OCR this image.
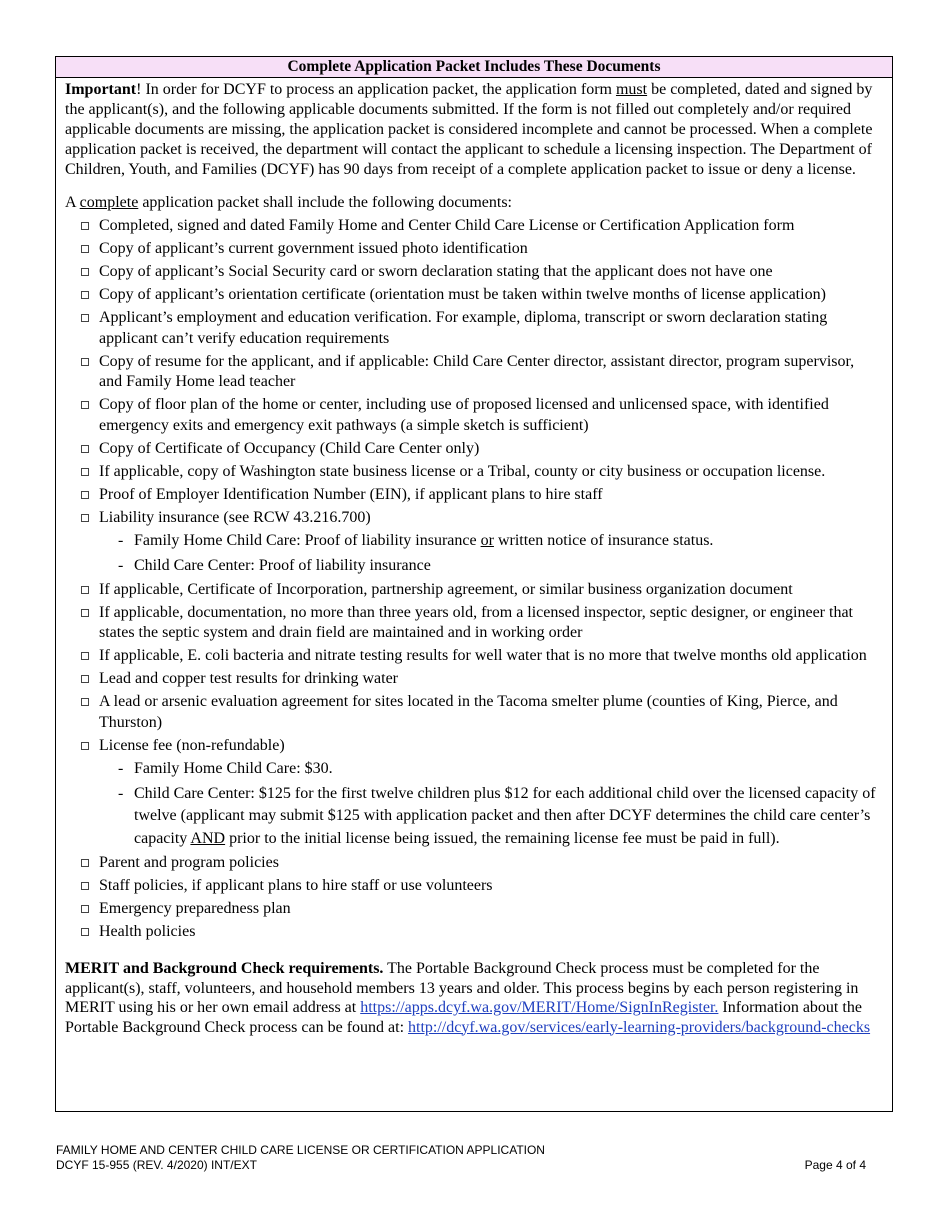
Complete Application Packet Includes These Documents

Important! In order for DCYF to process an application packet, the application form must be completed, dated and signed by the applicant(s), and the following applicable documents submitted. If the form is not filled out completely and/or required applicable documents are missing, the application packet is considered incomplete and cannot be processed. When a complete application packet is received, the department will contact the applicant to schedule a licensing inspection. The Department of Children, Youth, and Families (DCYF) has 90 days from receipt of a complete application packet to issue or deny a license.

A complete application packet shall include the following documents:

Completed, signed and dated Family Home and Center Child Care License or Certification Application form
Copy of applicant’s current government issued photo identification
Copy of applicant’s Social Security card or sworn declaration stating that the applicant does not have one
Copy of applicant’s orientation certificate (orientation must be taken within twelve months of license application)
Applicant’s employment and education verification. For example, diploma, transcript or sworn declaration stating applicant can’t verify education requirements
Copy of resume for the applicant, and if applicable: Child Care Center director, assistant director, program supervisor, and Family Home lead teacher
Copy of floor plan of the home or center, including use of proposed licensed and unlicensed space, with identified emergency exits and emergency exit pathways (a simple sketch is sufficient)
Copy of Certificate of Occupancy (Child Care Center only)
If applicable, copy of Washington state business license or a Tribal, county or city business or occupation license.
Proof of Employer Identification Number (EIN), if applicant plans to hire staff
Liability insurance (see RCW 43.216.700)
- Family Home Child Care: Proof of liability insurance or written notice of insurance status.
- Child Care Center: Proof of liability insurance
If applicable, Certificate of Incorporation, partnership agreement, or similar business organization document
If applicable, documentation, no more than three years old, from a licensed inspector, septic designer, or engineer that states the septic system and drain field are maintained and in working order
If applicable, E. coli bacteria and nitrate testing results for well water that is no more that twelve months old application
Lead and copper test results for drinking water
A lead or arsenic evaluation agreement for sites located in the Tacoma smelter plume (counties of King, Pierce, and Thurston)
License fee (non-refundable)
- Family Home Child Care: $30.
- Child Care Center: $125 for the first twelve children plus $12 for each additional child over the licensed capacity of twelve (applicant may submit $125 with application packet and then after DCYF determines the child care center’s capacity AND prior to the initial license being issued, the remaining license fee must be paid in full).
Parent and program policies
Staff policies, if applicant plans to hire staff or use volunteers
Emergency preparedness plan
Health policies

MERIT and Background Check requirements. The Portable Background Check process must be completed for the applicant(s), staff, volunteers, and household members 13 years and older. This process begins by each person registering in MERIT using his or her own email address at https://apps.dcyf.wa.gov/MERIT/Home/SignInRegister. Information about the Portable Background Check process can be found at: http://dcyf.wa.gov/services/early-learning-providers/background-checks

FAMILY HOME AND CENTER CHILD CARE LICENSE OR CERTIFICATION APPLICATION
DCYF 15-955 (REV. 4/2020) INT/EXT	Page 4 of 4
